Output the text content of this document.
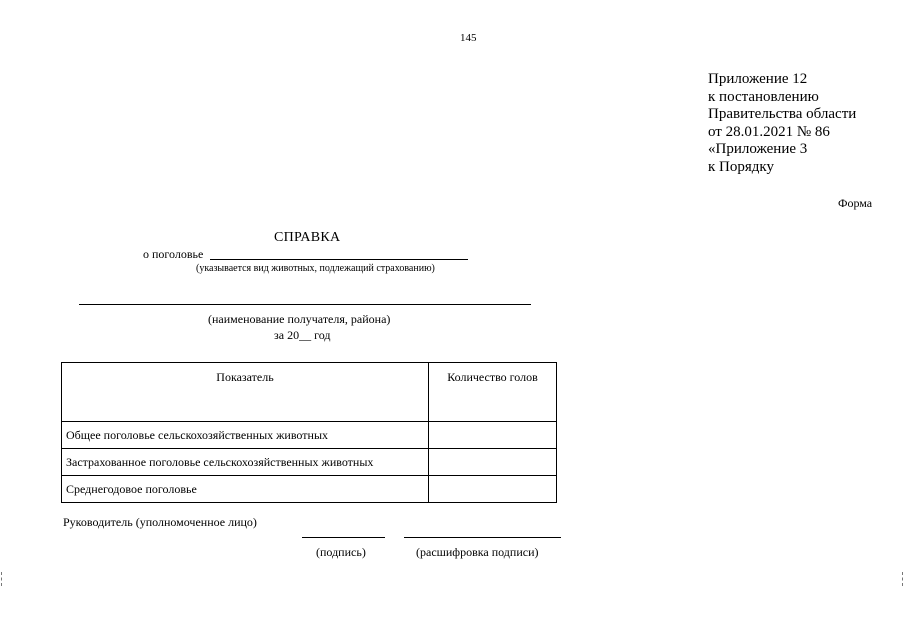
145
Приложение 12
к постановлению
Правительства области
от 28.01.2021 № 86
«Приложение 3
к Порядку
Форма
СПРАВКА
о поголовье
(указывается вид животных, подлежащий страхованию)
(наименование получателя, района)
за 20__ год
Показатель	Количество голов
Общее поголовье сельскохозяйственных животных	
Застрахованное поголовье сельскохозяйственных животных	
Среднегодовое поголовье	
Руководитель (уполномоченное лицо)
(подпись)	(расшифровка подписи)
